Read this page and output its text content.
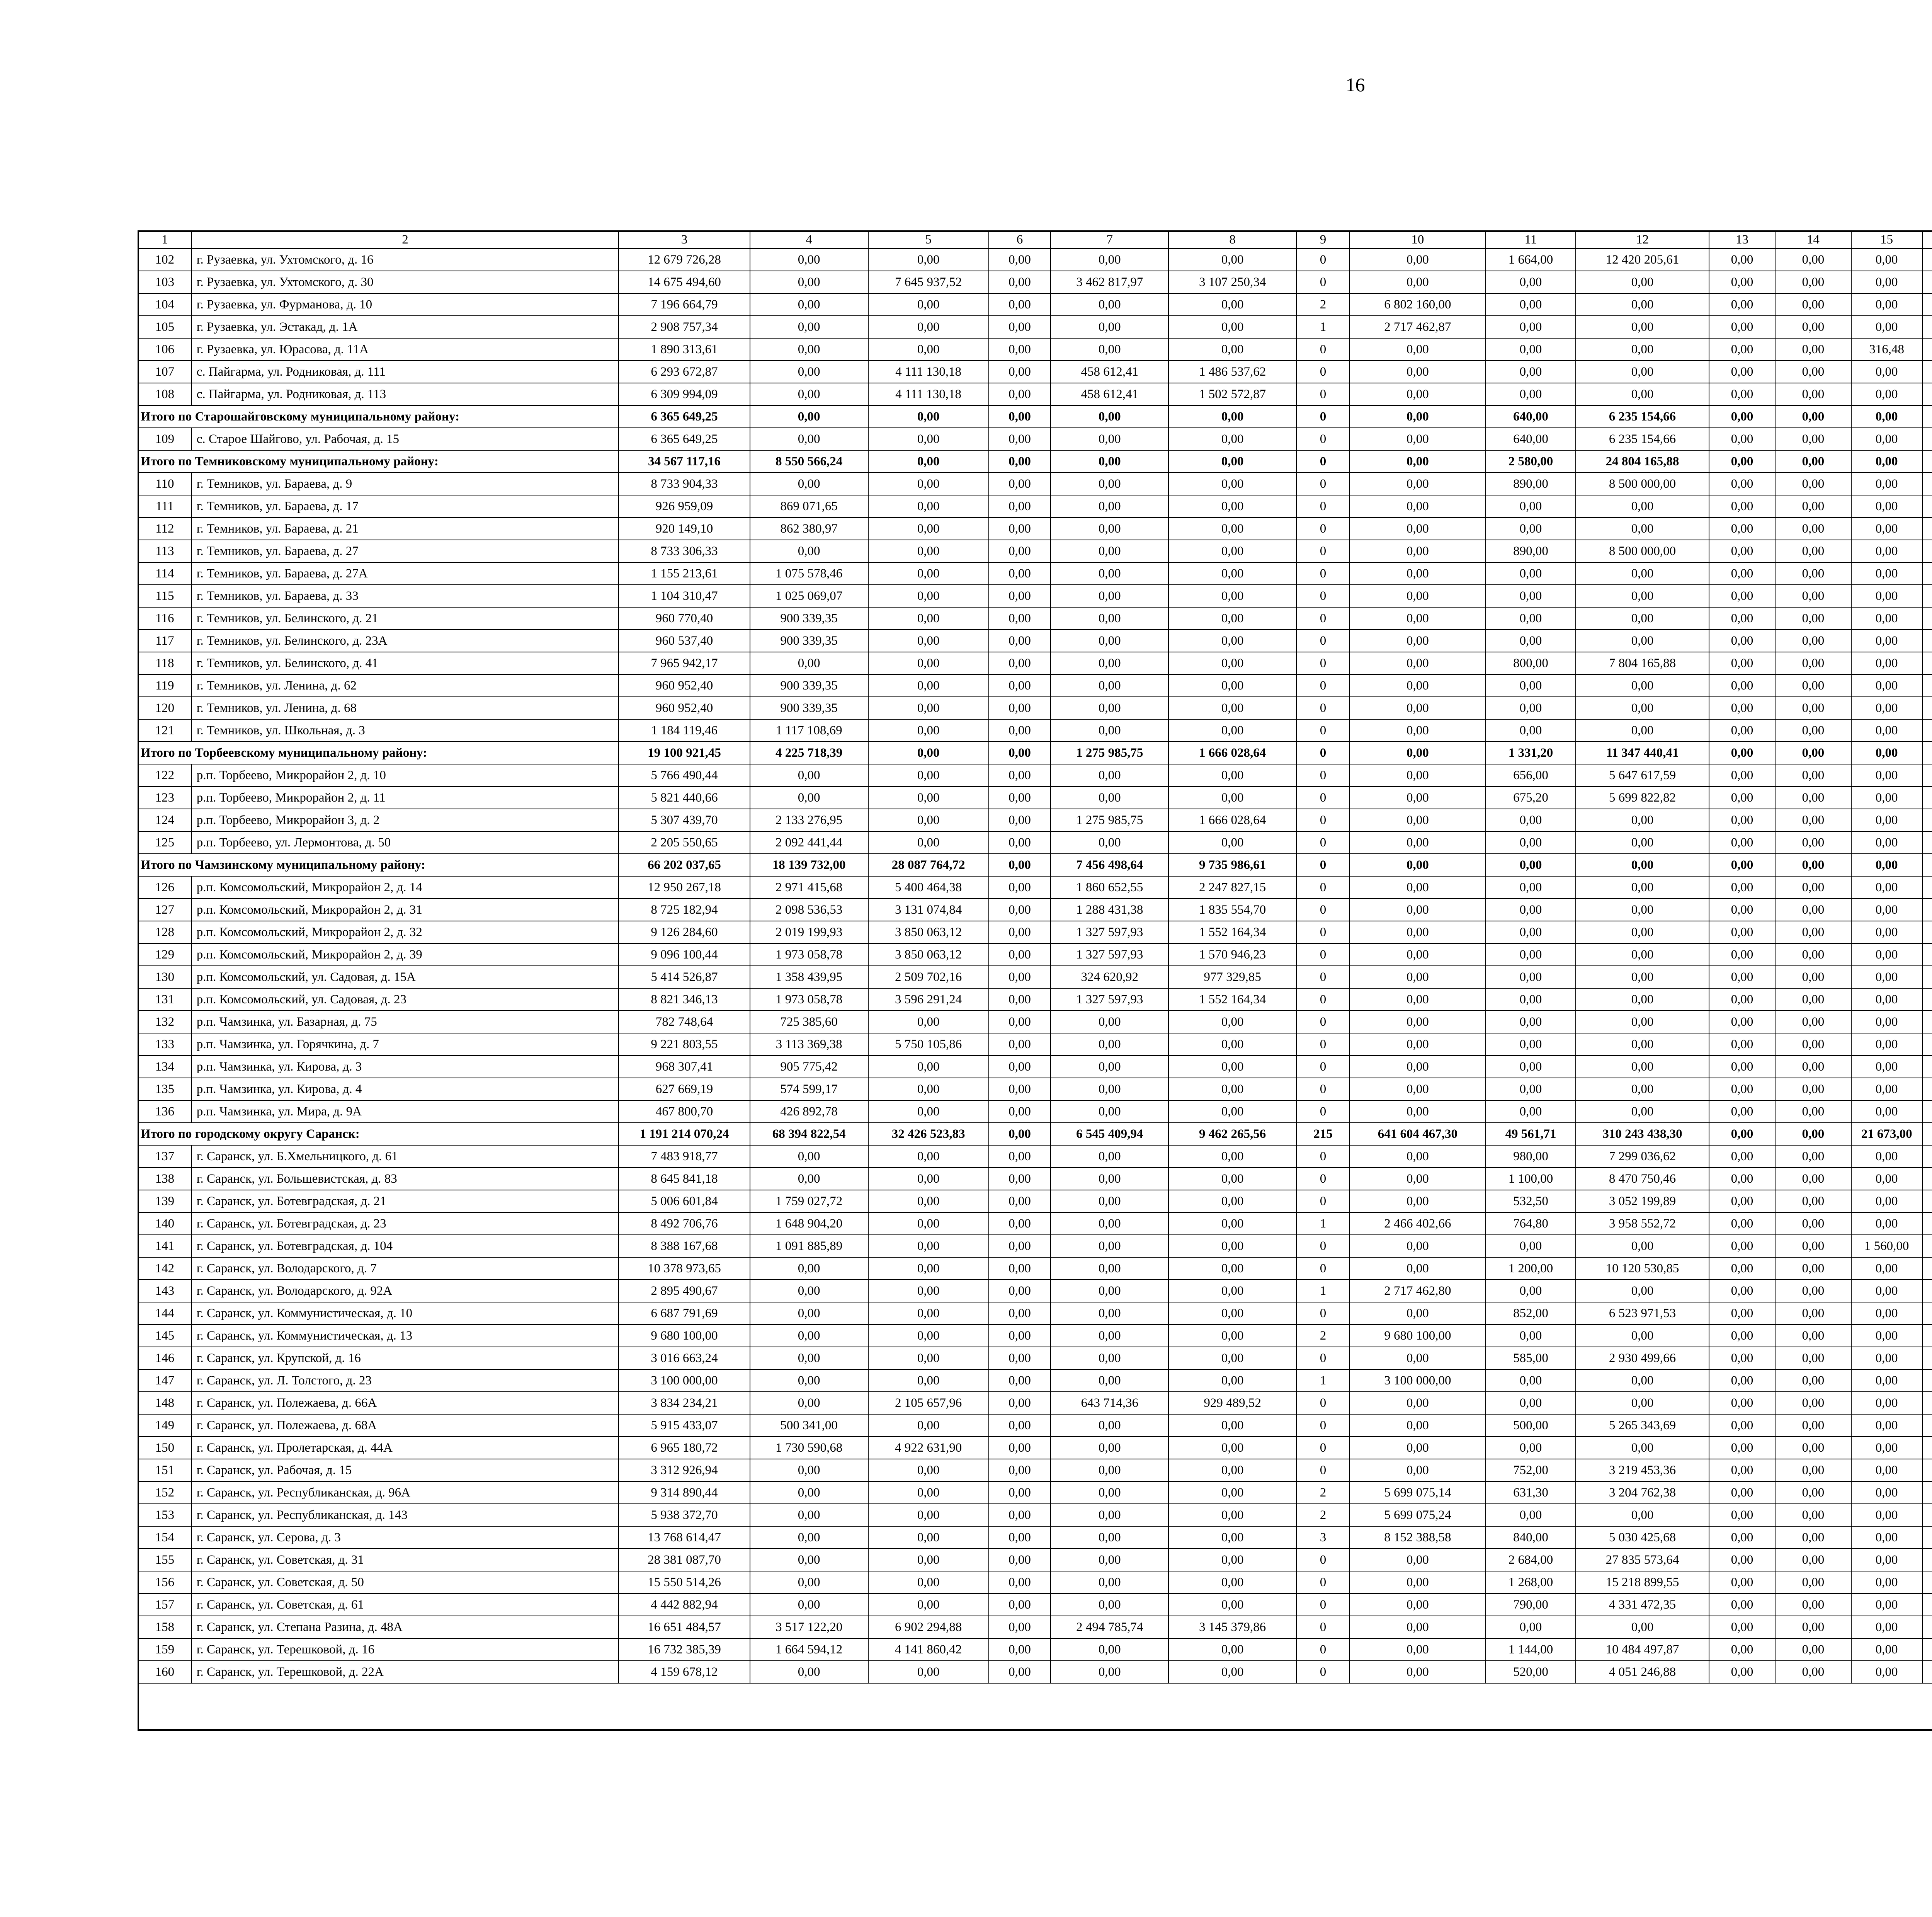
16
1	2	3	4	5	6	7	8	9	10	11	12	13	14	15						
102	г. Рузаевка, ул. Ухтомского, д. 16	12 679 726,28	0,00	0,00	0,00	0,00	0,00	0	0,00	1 664,00	12 420 205,61	0,00	0,00	0,00						
103	г. Рузаевка, ул. Ухтомского, д. 30	14 675 494,60	0,00	7 645 937,52	0,00	3 462 817,97	3 107 250,34	0	0,00	0,00	0,00	0,00	0,00	0,00						
104	г. Рузаевка, ул. Фурманова, д. 10	7 196 664,79	0,00	0,00	0,00	0,00	0,00	2	6 802 160,00	0,00	0,00	0,00	0,00	0,00						
105	г. Рузаевка, ул. Эстакад, д. 1А	2 908 757,34	0,00	0,00	0,00	0,00	0,00	1	2 717 462,87	0,00	0,00	0,00	0,00	0,00						
106	г. Рузаевка, ул. Юрасова, д. 11А	1 890 313,61	0,00	0,00	0,00	0,00	0,00	0	0,00	0,00	0,00	0,00	0,00	316,48						
107	с. Пайгарма, ул. Родниковая, д. 111	6 293 672,87	0,00	4 111 130,18	0,00	458 612,41	1 486 537,62	0	0,00	0,00	0,00	0,00	0,00	0,00						
108	с. Пайгарма, ул. Родниковая, д. 113	6 309 994,09	0,00	4 111 130,18	0,00	458 612,41	1 502 572,87	0	0,00	0,00	0,00	0,00	0,00	0,00						
Итого по Старошайговскому муниципальному району:		6 365 649,25	0,00	0,00	0,00	0,00	0,00	0	0,00	640,00	6 235 154,66	0,00	0,00	0,00						
109	с. Старое Шайгово, ул. Рабочая, д. 15	6 365 649,25	0,00	0,00	0,00	0,00	0,00	0	0,00	640,00	6 235 154,66	0,00	0,00	0,00						
Итого по Темниковскому муниципальному району:		34 567 117,16	8 550 566,24	0,00	0,00	0,00	0,00	0	0,00	2 580,00	24 804 165,88	0,00	0,00	0,00						
110	г. Темников, ул. Бараева, д. 9	8 733 904,33	0,00	0,00	0,00	0,00	0,00	0	0,00	890,00	8 500 000,00	0,00	0,00	0,00						
111	г. Темников, ул. Бараева, д. 17	926 959,09	869 071,65	0,00	0,00	0,00	0,00	0	0,00	0,00	0,00	0,00	0,00	0,00						
112	г. Темников, ул. Бараева, д. 21	920 149,10	862 380,97	0,00	0,00	0,00	0,00	0	0,00	0,00	0,00	0,00	0,00	0,00						
113	г. Темников, ул. Бараева, д. 27	8 733 306,33	0,00	0,00	0,00	0,00	0,00	0	0,00	890,00	8 500 000,00	0,00	0,00	0,00						
114	г. Темников, ул. Бараева, д. 27А	1 155 213,61	1 075 578,46	0,00	0,00	0,00	0,00	0	0,00	0,00	0,00	0,00	0,00	0,00						
115	г. Темников, ул. Бараева, д. 33	1 104 310,47	1 025 069,07	0,00	0,00	0,00	0,00	0	0,00	0,00	0,00	0,00	0,00	0,00						
116	г. Темников, ул. Белинского, д. 21	960 770,40	900 339,35	0,00	0,00	0,00	0,00	0	0,00	0,00	0,00	0,00	0,00	0,00						
117	г. Темников, ул. Белинского, д. 23А	960 537,40	900 339,35	0,00	0,00	0,00	0,00	0	0,00	0,00	0,00	0,00	0,00	0,00						
118	г. Темников, ул. Белинского, д. 41	7 965 942,17	0,00	0,00	0,00	0,00	0,00	0	0,00	800,00	7 804 165,88	0,00	0,00	0,00						
119	г. Темников, ул. Ленина, д. 62	960 952,40	900 339,35	0,00	0,00	0,00	0,00	0	0,00	0,00	0,00	0,00	0,00	0,00						
120	г. Темников, ул. Ленина, д. 68	960 952,40	900 339,35	0,00	0,00	0,00	0,00	0	0,00	0,00	0,00	0,00	0,00	0,00						
121	г. Темников, ул. Школьная, д. 3	1 184 119,46	1 117 108,69	0,00	0,00	0,00	0,00	0	0,00	0,00	0,00	0,00	0,00	0,00						
Итого по Торбеевскому муниципальному району:		19 100 921,45	4 225 718,39	0,00	0,00	1 275 985,75	1 666 028,64	0	0,00	1 331,20	11 347 440,41	0,00	0,00	0,00						
122	р.п. Торбеево, Микрорайон 2, д. 10	5 766 490,44	0,00	0,00	0,00	0,00	0,00	0	0,00	656,00	5 647 617,59	0,00	0,00	0,00						
123	р.п. Торбеево, Микрорайон 2, д. 11	5 821 440,66	0,00	0,00	0,00	0,00	0,00	0	0,00	675,20	5 699 822,82	0,00	0,00	0,00						
124	р.п. Торбеево, Микрорайон 3, д. 2	5 307 439,70	2 133 276,95	0,00	0,00	1 275 985,75	1 666 028,64	0	0,00	0,00	0,00	0,00	0,00	0,00						
125	р.п. Торбеево, ул. Лермонтова, д. 50	2 205 550,65	2 092 441,44	0,00	0,00	0,00	0,00	0	0,00	0,00	0,00	0,00	0,00	0,00						
Итого по Чамзинскому муниципальному району:		66 202 037,65	18 139 732,00	28 087 764,72	0,00	7 456 498,64	9 735 986,61	0	0,00	0,00	0,00	0,00	0,00	0,00						
126	р.п. Комсомольский, Микрорайон 2, д. 14	12 950 267,18	2 971 415,68	5 400 464,38	0,00	1 860 652,55	2 247 827,15	0	0,00	0,00	0,00	0,00	0,00	0,00						
127	р.п. Комсомольский, Микрорайон 2, д. 31	8 725 182,94	2 098 536,53	3 131 074,84	0,00	1 288 431,38	1 835 554,70	0	0,00	0,00	0,00	0,00	0,00	0,00						
128	р.п. Комсомольский, Микрорайон 2, д. 32	9 126 284,60	2 019 199,93	3 850 063,12	0,00	1 327 597,93	1 552 164,34	0	0,00	0,00	0,00	0,00	0,00	0,00						
129	р.п. Комсомольский, Микрорайон 2, д. 39	9 096 100,44	1 973 058,78	3 850 063,12	0,00	1 327 597,93	1 570 946,23	0	0,00	0,00	0,00	0,00	0,00	0,00						
130	р.п. Комсомольский, ул. Садовая, д. 15А	5 414 526,87	1 358 439,95	2 509 702,16	0,00	324 620,92	977 329,85	0	0,00	0,00	0,00	0,00	0,00	0,00						
131	р.п. Комсомольский, ул. Садовая, д. 23	8 821 346,13	1 973 058,78	3 596 291,24	0,00	1 327 597,93	1 552 164,34	0	0,00	0,00	0,00	0,00	0,00	0,00						
132	р.п. Чамзинка, ул. Базарная, д. 75	782 748,64	725 385,60	0,00	0,00	0,00	0,00	0	0,00	0,00	0,00	0,00	0,00	0,00						
133	р.п. Чамзинка, ул. Горячкина, д. 7	9 221 803,55	3 113 369,38	5 750 105,86	0,00	0,00	0,00	0	0,00	0,00	0,00	0,00	0,00	0,00						
134	р.п. Чамзинка, ул. Кирова, д. 3	968 307,41	905 775,42	0,00	0,00	0,00	0,00	0	0,00	0,00	0,00	0,00	0,00	0,00						
135	р.п. Чамзинка, ул. Кирова, д. 4	627 669,19	574 599,17	0,00	0,00	0,00	0,00	0	0,00	0,00	0,00	0,00	0,00	0,00						
136	р.п. Чамзинка, ул. Мира, д. 9А	467 800,70	426 892,78	0,00	0,00	0,00	0,00	0	0,00	0,00	0,00	0,00	0,00	0,00						
Итого по городскому округу Саранск:		1 191 214 070,24	68 394 822,54	32 426 523,83	0,00	6 545 409,94	9 462 265,56	215	641 604 467,30	49 561,71	310 243 438,30	0,00	0,00	21 673,00						
137	г. Саранск, ул. Б.Хмельницкого, д. 61	7 483 918,77	0,00	0,00	0,00	0,00	0,00	0	0,00	980,00	7 299 036,62	0,00	0,00	0,00						
138	г. Саранск, ул. Большевистская, д. 83	8 645 841,18	0,00	0,00	0,00	0,00	0,00	0	0,00	1 100,00	8 470 750,46	0,00	0,00	0,00						
139	г. Саранск, ул. Ботевградская, д. 21	5 006 601,84	1 759 027,72	0,00	0,00	0,00	0,00	0	0,00	532,50	3 052 199,89	0,00	0,00	0,00						
140	г. Саранск, ул. Ботевградская, д. 23	8 492 706,76	1 648 904,20	0,00	0,00	0,00	0,00	1	2 466 402,66	764,80	3 958 552,72	0,00	0,00	0,00						
141	г. Саранск, ул. Ботевградская, д. 104	8 388 167,68	1 091 885,89	0,00	0,00	0,00	0,00	0	0,00	0,00	0,00	0,00	0,00	1 560,00						
142	г. Саранск, ул. Володарского, д. 7	10 378 973,65	0,00	0,00	0,00	0,00	0,00	0	0,00	1 200,00	10 120 530,85	0,00	0,00	0,00						
143	г. Саранск, ул. Володарского, д. 92А	2 895 490,67	0,00	0,00	0,00	0,00	0,00	1	2 717 462,80	0,00	0,00	0,00	0,00	0,00						
144	г. Саранск, ул. Коммунистическая, д. 10	6 687 791,69	0,00	0,00	0,00	0,00	0,00	0	0,00	852,00	6 523 971,53	0,00	0,00	0,00						
145	г. Саранск, ул. Коммунистическая, д. 13	9 680 100,00	0,00	0,00	0,00	0,00	0,00	2	9 680 100,00	0,00	0,00	0,00	0,00	0,00						
146	г. Саранск, ул. Крупской, д. 16	3 016 663,24	0,00	0,00	0,00	0,00	0,00	0	0,00	585,00	2 930 499,66	0,00	0,00	0,00						
147	г. Саранск, ул. Л. Толстого, д. 23	3 100 000,00	0,00	0,00	0,00	0,00	0,00	1	3 100 000,00	0,00	0,00	0,00	0,00	0,00						
148	г. Саранск, ул. Полежаева, д. 66А	3 834 234,21	0,00	2 105 657,96	0,00	643 714,36	929 489,52	0	0,00	0,00	0,00	0,00	0,00	0,00						
149	г. Саранск, ул. Полежаева, д. 68А	5 915 433,07	500 341,00	0,00	0,00	0,00	0,00	0	0,00	500,00	5 265 343,69	0,00	0,00	0,00						
150	г. Саранск, ул. Пролетарская, д. 44А	6 965 180,72	1 730 590,68	4 922 631,90	0,00	0,00	0,00	0	0,00	0,00	0,00	0,00	0,00	0,00						
151	г. Саранск, ул. Рабочая, д. 15	3 312 926,94	0,00	0,00	0,00	0,00	0,00	0	0,00	752,00	3 219 453,36	0,00	0,00	0,00						
152	г. Саранск, ул. Республиканская, д. 96А	9 314 890,44	0,00	0,00	0,00	0,00	0,00	2	5 699 075,14	631,30	3 204 762,38	0,00	0,00	0,00						
153	г. Саранск, ул. Республиканская, д. 143	5 938 372,70	0,00	0,00	0,00	0,00	0,00	2	5 699 075,24	0,00	0,00	0,00	0,00	0,00						
154	г. Саранск, ул. Серова, д. 3	13 768 614,47	0,00	0,00	0,00	0,00	0,00	3	8 152 388,58	840,00	5 030 425,68	0,00	0,00	0,00						
155	г. Саранск, ул. Советская, д. 31	28 381 087,70	0,00	0,00	0,00	0,00	0,00	0	0,00	2 684,00	27 835 573,64	0,00	0,00	0,00						
156	г. Саранск, ул. Советская, д. 50	15 550 514,26	0,00	0,00	0,00	0,00	0,00	0	0,00	1 268,00	15 218 899,55	0,00	0,00	0,00						
157	г. Саранск, ул. Советская, д. 61	4 442 882,94	0,00	0,00	0,00	0,00	0,00	0	0,00	790,00	4 331 472,35	0,00	0,00	0,00						
158	г. Саранск, ул. Степана Разина, д. 48А	16 651 484,57	3 517 122,20	6 902 294,88	0,00	2 494 785,74	3 145 379,86	0	0,00	0,00	0,00	0,00	0,00	0,00						
159	г. Саранск, ул. Терешковой, д. 16	16 732 385,39	1 664 594,12	4 141 860,42	0,00	0,00	0,00	0	0,00	1 144,00	10 484 497,87	0,00	0,00	0,00						
160	г. Саранск, ул. Терешковой, д. 22А	4 159 678,12	0,00	0,00	0,00	0,00	0,00	0	0,00	520,00	4 051 246,88	0,00	0,00	0,00						
